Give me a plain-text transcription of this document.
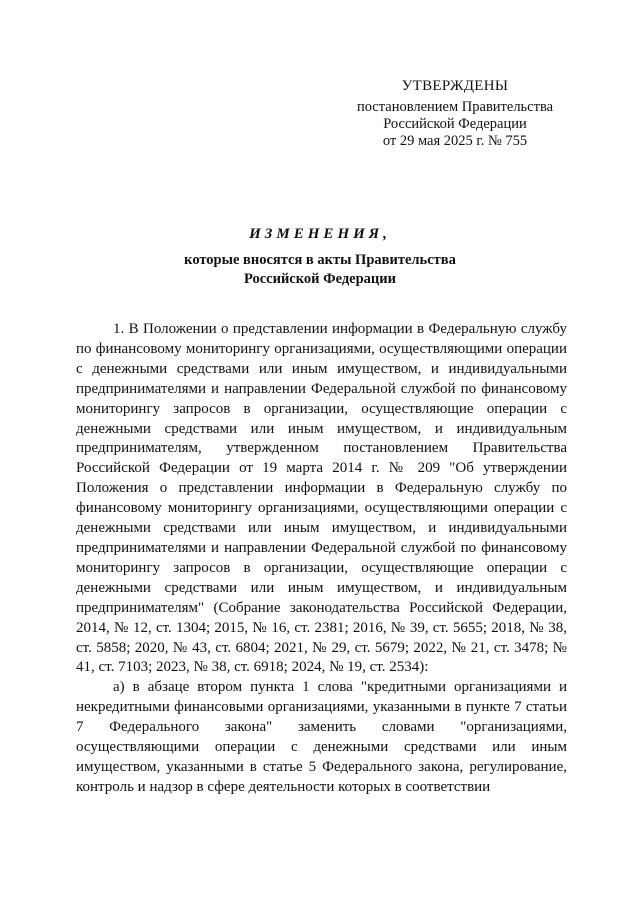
УТВЕРЖДЕНЫ
постановлением Правительства
Российской Федерации
от 29 мая 2025 г. № 755
ИЗМЕНЕНИЯ,
которые вносятся в акты Правительства
Российской Федерации

1. В Положении о представлении информации в Федеральную службу по финансовому мониторингу организациями, осуществляющими операции с денежными средствами или иным имуществом, и индивидуальными предпринимателями и направлении Федеральной службой по финансовому мониторингу запросов в организации, осуществляющие операции с денежными средствами или иным имуществом, и индивидуальным предпринимателям, утвержденном постановлением Правительства Российской Федерации от 19 марта 2014 г. № 209 "Об утверждении Положения о представлении информации в Федеральную службу по финансовому мониторингу организациями, осуществляющими операции с денежными средствами или иным имуществом, и индивидуальными предпринимателями и направлении Федеральной службой по финансовому мониторингу запросов в организации, осуществляющие операции с денежными средствами или иным имуществом, и индивидуальным предпринимателям" (Собрание законодательства Российской Федерации, 2014, № 12, ст. 1304; 2015, № 16, ст. 2381; 2016, № 39, ст. 5655; 2018, № 38, ст. 5858; 2020, № 43, ст. 6804; 2021, № 29, ст. 5679; 2022, № 21, ст. 3478; № 41, ст. 7103; 2023, № 38, ст. 6918; 2024, № 19, ст. 2534):

а) в абзаце втором пункта 1 слова "кредитными организациями и некредитными финансовыми организациями, указанными в пункте 7 статьи 7 Федерального закона" заменить словами "организациями, осуществляющими операции с денежными средствами или иным имуществом, указанными в статье 5 Федерального закона, регулирование, контроль и надзор в сфере деятельности которых в соответствии
